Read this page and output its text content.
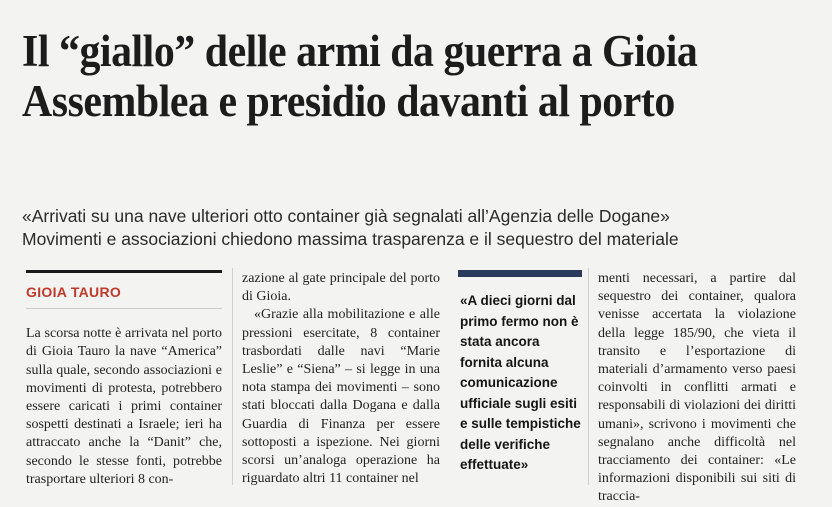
Il “giallo” delle armi da guerra a Gioia
Assemblea e presidio davanti al porto
«Arrivati su una nave ulteriori otto container già segnalati all’Agenzia delle Dogane»
Movimenti e associazioni chiedono massima trasparenza e il sequestro del materiale
GIOIA TAURO

La scorsa notte è arrivata nel porto di Gioia Tauro la nave “America” sulla quale, secondo associazioni e movimenti di protesta, potrebbero essere caricati i primi container sospetti destinati a Israele; ieri ha attraccato anche la “Danit” che, secondo le stesse fonti, potrebbe trasportare ulteriori 8 con-

zazione al gate principale del porto di Gioia.

«Grazie alla mobilitazione e alle pressioni esercitate, 8 container trasbordati dalle navi “Marie Leslie” e “Siena” – si legge in una nota stampa dei movimenti – sono stati bloccati dalla Dogana e dalla Guardia di Finanza per essere sottoposti a ispezione. Nei giorni scorsi un’analoga operazione ha riguardato altri 11 container nel

«A dieci giorni dal primo fermo non è stata ancora fornita alcuna comunicazione ufficiale sugli esiti e sulle tempistiche delle verifiche effettuate»

menti necessari, a partire dal sequestro dei container, qualora venisse accertata la violazione della legge 185/90, che vieta il transito e l’esportazione di materiali d’armamento verso paesi coinvolti in conflitti armati e responsabili di violazioni dei diritti umani», scrivono i movimenti che segnalano anche difficoltà nel tracciamento dei container: «Le informazioni disponibili sui siti di traccia-
